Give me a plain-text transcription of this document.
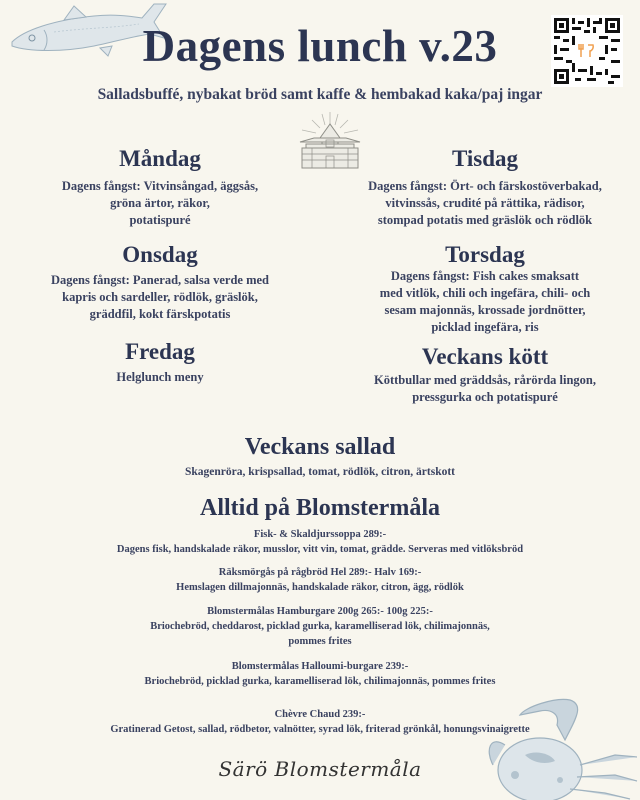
Dagens lunch v.23
Salladsbuffé, nybakat bröd samt kaffe & hembakad kaka/paj ingar
Måndag
Dagens fångst: Vitvinsångad, äggsås,
gröna ärtor, räkor,
potatispuré
Tisdag
Dagens fångst: Ört- och färskostöverbakad,
vitvinssås, crudité på rättika, rädisor,
stompad potatis med gräslök och rödlök
Onsdag
Dagens fångst: Panerad, salsa verde med
kapris och sardeller, rödlök, gräslök,
gräddfil, kokt färskpotatis
Torsdag
Dagens fångst: Fish cakes smaksatt
med vitlök, chili och ingefära, chili- och
sesam majonnäs, krossade jordnötter,
picklad ingefära, ris
Fredag
Helglunch meny
Veckans kött
Köttbullar med gräddsås, rårörda lingon,
pressgurka och potatispuré
Veckans sallad
Skagenröra, krispsallad, tomat, rödlök, citron, ärtskott
Alltid på Blomstermåla
Fisk- & Skaldjurssoppa 289:-
Dagens fisk, handskalade räkor, musslor, vitt vin, tomat, grädde. Serveras med vitlöksbröd
Räksmörgås på rågbröd Hel 289:- Halv 169:-
Hemslagen dillmajonnäs, handskalade räkor, citron, ägg, rödlök
Blomstermålas Hamburgare 200g 265:- 100g 225:-
Briochebröd, cheddarost, picklad gurka, karamelliserad lök, chilimajonnäs,
pommes frites
Blomstermålas Halloumi-burgare 239:-
Briochebröd, picklad gurka, karamelliserad lök, chilimajonnäs, pommes frites
Chèvre Chaud 239:-
Gratinerad Getost, sallad, rödbetor, valnötter, syrad lök, friterad grönkål, honungsvinaigrette
Särö Blomstermåla
